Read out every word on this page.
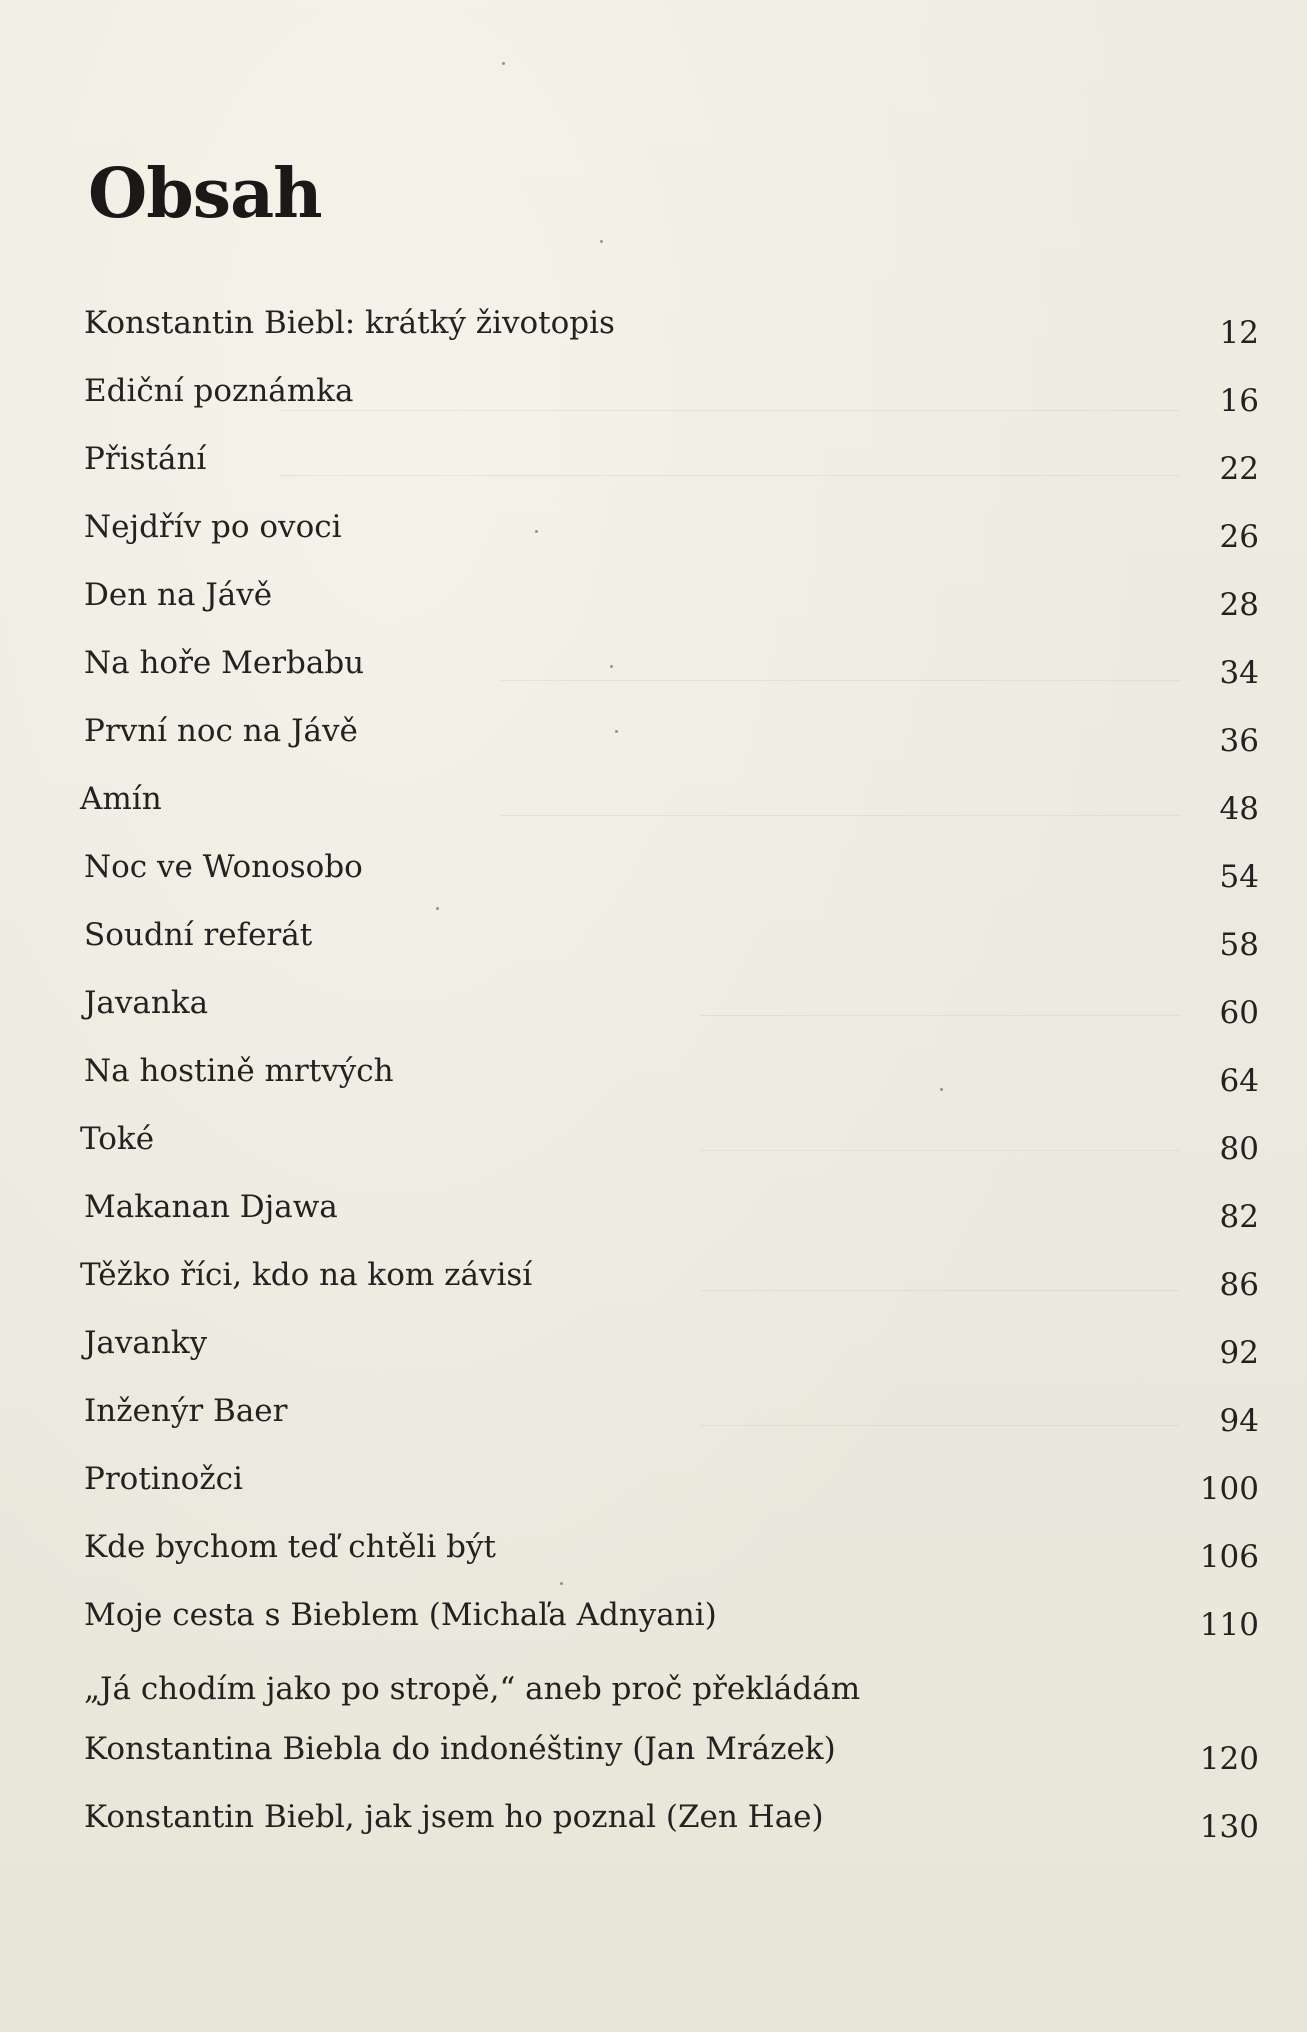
Obsah
Konstantin Biebl: krátký životopis	12
Ediční poznámka	16
Přistání	22
Nejdřív po ovoci	26
Den na Jávě	28
Na hoře Merbabu	34
První noc na Jávě	36
Amín	48
Noc ve Wonosobo	54
Soudní referát	58
Javanka	60
Na hostině mrtvých	64
Toké	80
Makanan Djawa	82
Těžko říci, kdo na kom závisí	86
Javanky	92
Inženýr Baer	94
Protinožci	100
Kde bychom teď chtěli být	106
Moje cesta s Bieblem (Michaľa Adnyani)	110
„Já chodím jako po stropě,“ aneb proč překládám
Konstantina Biebla do indonéštiny (Jan Mrázek)	120
Konstantin Biebl, jak jsem ho poznal (Zen Hae)	130
